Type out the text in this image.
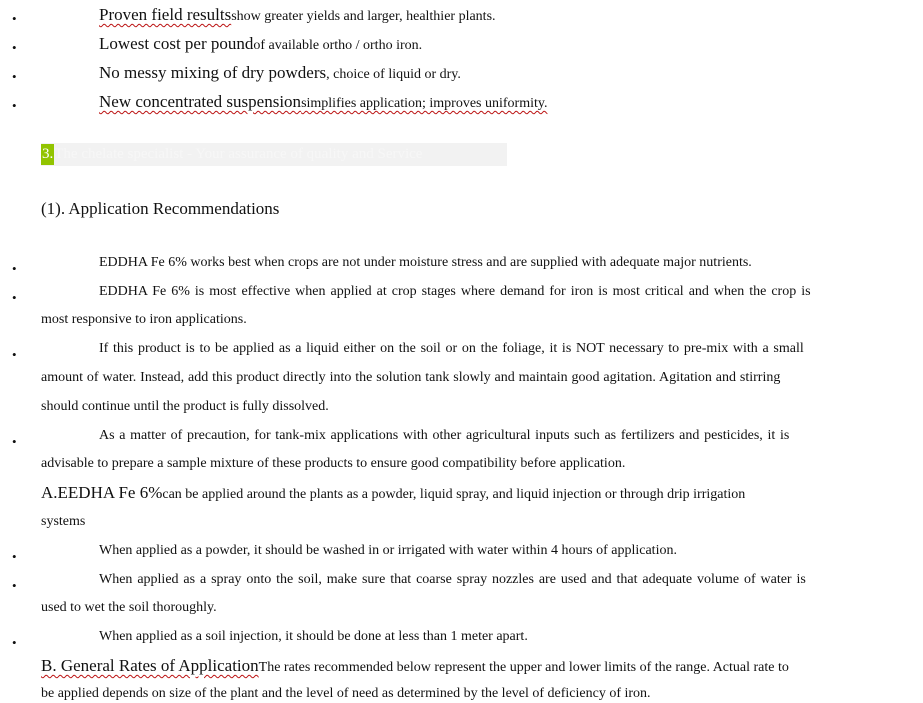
•	Proven field resultsshow greater yields and larger, healthier plants.
•	Lowest cost per poundof available ortho / ortho iron.
•	No messy mixing of dry powders, choice of liquid or dry.
•	New concentrated suspensionsimplifies application; improves uniformity.
3. The chelate specialist - Your assurance of quality and Service
(1). Application Recommendations
•	EDDHA Fe 6% works best when crops are not under moisture stress and are supplied with adequate major nutrients.
•	EDDHA Fe 6% is most effective when applied at crop stages where demand for iron is most critical and when the crop is
most responsive to iron applications.
•	If this product is to be applied as a liquid either on the soil or on the foliage, it is NOT necessary to pre-mix with a small
amount of water. Instead, add this product directly into the solution tank slowly and maintain good agitation. Agitation and stirring
should continue until the product is fully dissolved.
•	As a matter of precaution, for tank-mix applications with other agricultural inputs such as fertilizers and pesticides, it is
advisable to prepare a sample mixture of these products to ensure good compatibility before application.
A.EEDHA Fe 6%can be applied around the plants as a powder, liquid spray, and liquid injection or through drip irrigation
systems
•	When applied as a powder, it should be washed in or irrigated with water within 4 hours of application.
•	When applied as a spray onto the soil, make sure that coarse spray nozzles are used and that adequate volume of water is
used to wet the soil thoroughly.
•	When applied as a soil injection, it should be done at less than 1 meter apart.
B. General Rates of ApplicationThe rates recommended below represent the upper and lower limits of the range. Actual rate to
be applied depends on size of the plant and the level of need as determined by the level of deficiency of iron.
